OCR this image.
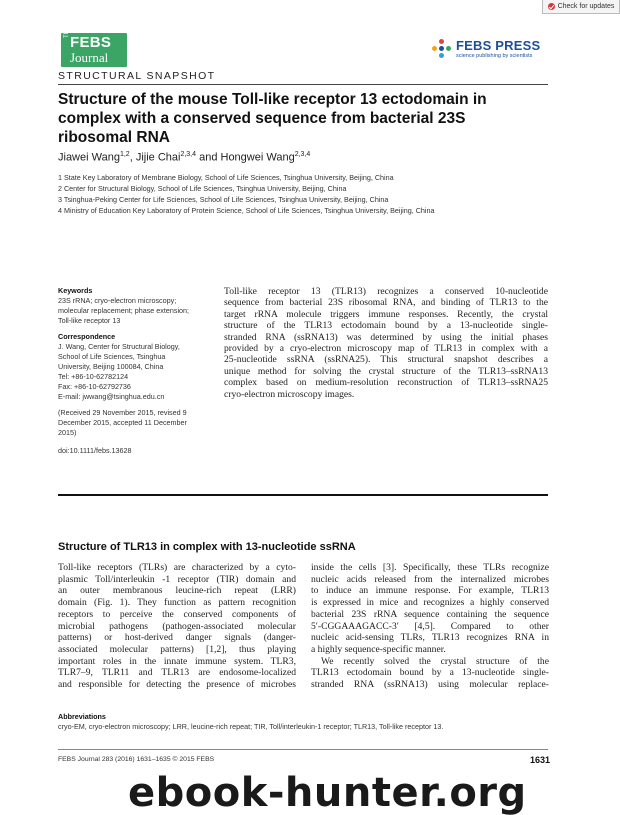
Check for updates
The
FEBS
Journal
FEBS PRESS
science publishing by scientists
STRUCTURAL SNAPSHOT
Structure of the mouse Toll-like receptor 13 ectodomain in complex with a conserved sequence from bacterial 23S ribosomal RNA
Jiawei Wang$^{1,2}$, Jijie Chai$^{2,3,4}$ and Hongwei Wang$^{2,3,4}$
1 State Key Laboratory of Membrane Biology, School of Life Sciences, Tsinghua University, Beijing, China
2 Center for Structural Biology, School of Life Sciences, Tsinghua University, Beijing, China
3 Tsinghua-Peking Center for Life Sciences, School of Life Sciences, Tsinghua University, Beijing, China
4 Ministry of Education Key Laboratory of Protein Science, School of Life Sciences, Tsinghua University, Beijing, China
Keywords
23S rRNA; cryo-electron microscopy;
molecular replacement; phase extension;
Toll-like receptor 13
Correspondence
J. Wang, Center for Structural Biology,
School of Life Sciences, Tsinghua
University, Beijing 100084, China
Tel: +86-10-62782124
Fax: +86-10-62792736
E-mail: jwwang@tsinghua.edu.cn
(Received 29 November 2015, revised 9
December 2015, accepted 11 December
2015)
doi:10.1111/febs.13628
Toll-like receptor 13 (TLR13) recognizes a conserved 10-nucleotide
sequence from bacterial 23S ribosomal RNA, and binding of TLR13 to the
target rRNA molecule triggers immune responses. Recently, the crystal
structure of the TLR13 ectodomain bound by a 13-nucleotide single-
stranded RNA (ssRNA13) was determined by using the initial phases
provided by a cryo-electron microscopy map of TLR13 in complex with a
25-nucleotide ssRNA (ssRNA25). This structural snapshot describes a
unique method for solving the crystal structure of the TLR13–ssRNA13
complex based on medium-resolution reconstruction of TLR13–ssRNA25
cryo-electron microscopy images.
Structure of TLR13 in complex with 13-nucleotide ssRNA
Toll-like receptors (TLRs) are characterized by a cyto-
plasmic Toll/interleukin -1 receptor (TIR) domain and
an outer membranous leucine-rich repeat (LRR)
domain (Fig. 1). They function as pattern recognition
receptors to perceive the conserved components of
microbial pathogens (pathogen-associated molecular
patterns) or host-derived danger signals (danger-
associated molecular patterns) [1,2], thus playing
important roles in the innate immune system. TLR3,
TLR7–9, TLR11 and TLR13 are endosome-localized
and responsible for detecting the presence of microbes
inside the cells [3]. Specifically, these TLRs recognize
nucleic acids released from the internalized microbes
to induce an immune response. For example, TLR13
is expressed in mice and recognizes a highly conserved
bacterial 23S rRNA sequence containing the sequence
5′-CGGAAAGACC-3′ [4,5]. Compared to other
nucleic acid-sensing TLRs, TLR13 recognizes RNA in
a highly sequence-specific manner.
We recently solved the crystal structure of the
TLR13 ectodomain bound by a 13-nucleotide single-
stranded RNA (ssRNA13) using molecular replace-
Abbreviations
cryo-EM, cryo-electron microscopy; LRR, leucine-rich repeat; TIR, Toll/interleukin-1 receptor; TLR13, Toll-like receptor 13.
FEBS Journal 283 (2016) 1631–1635 © 2015 FEBS	1631
ebook-hunter.org
